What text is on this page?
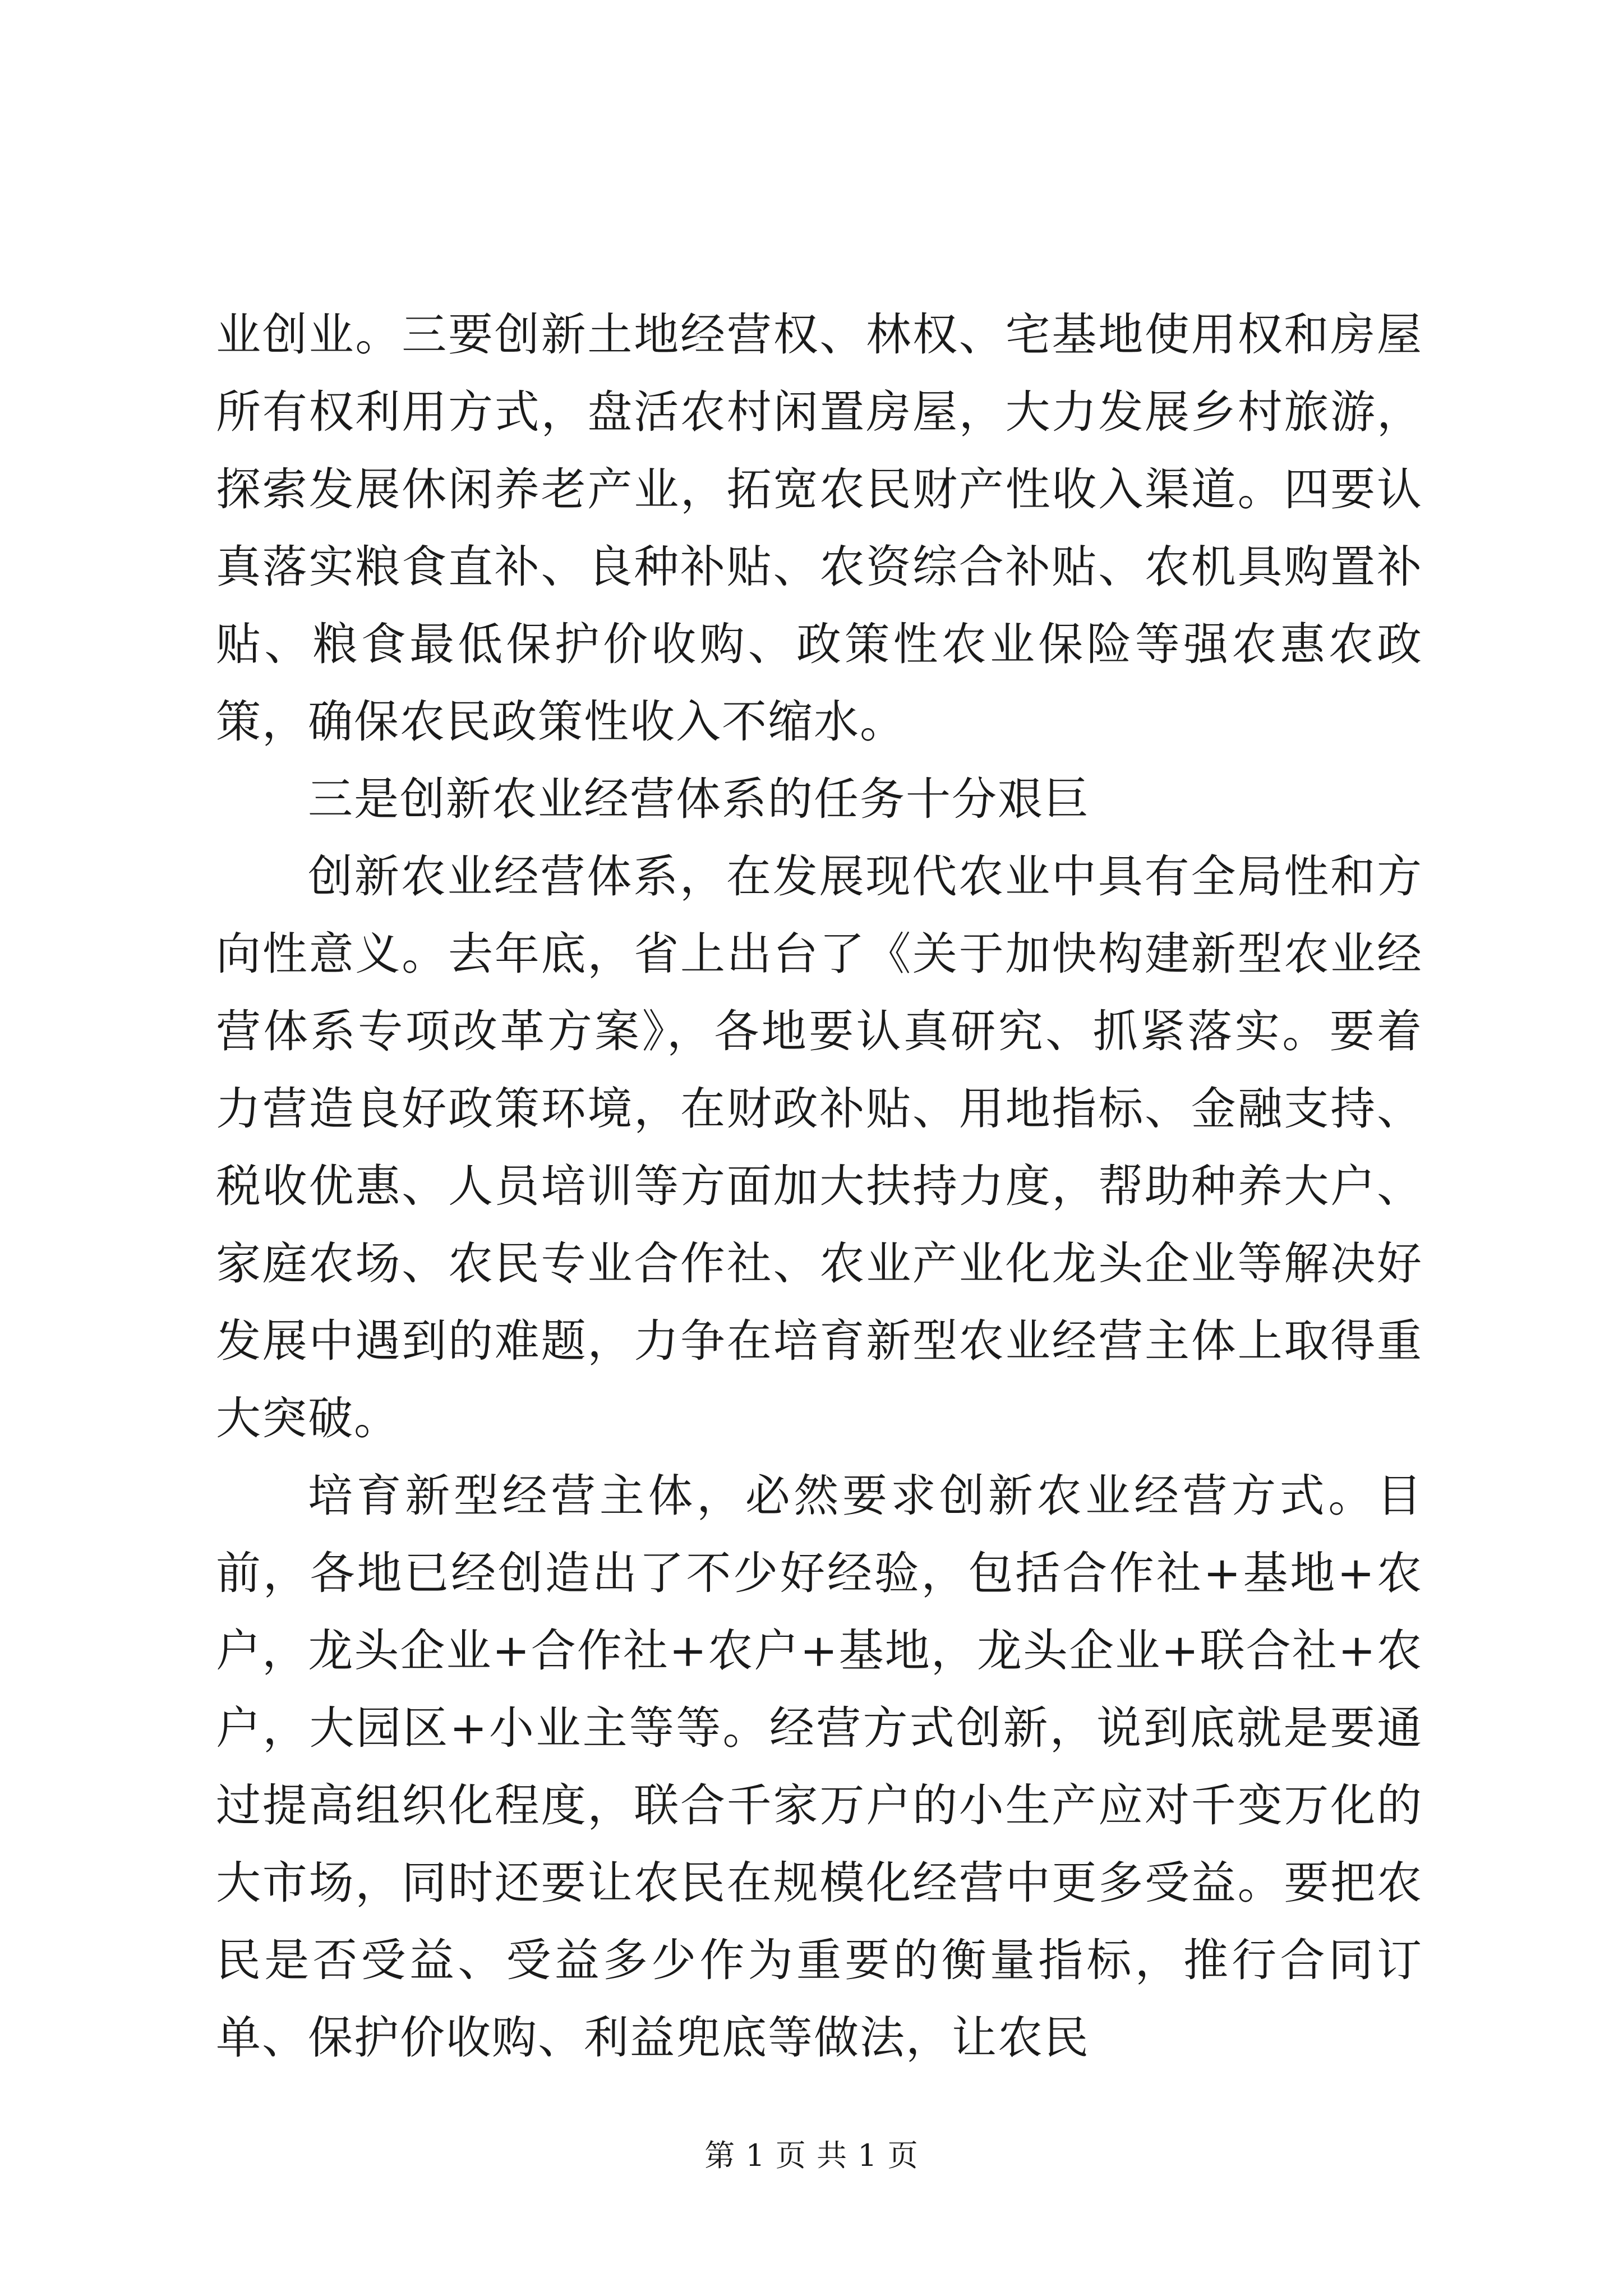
业创业。三要创新土地经营权、林权、宅基地使用权和房屋所有权利用方式，盘活农村闲置房屋，大力发展乡村旅游，探索发展休闲养老产业，拓宽农民财产性收入渠道。四要认真落实粮食直补、良种补贴、农资综合补贴、农机具购置补贴、粮食最低保护价收购、政策性农业保险等强农惠农政策，确保农民政策性收入不缩水。

三是创新农业经营体系的任务十分艰巨

创新农业经营体系，在发展现代农业中具有全局性和方向性意义。去年底，省上出台了《关于加快构建新型农业经营体系专项改革方案》，各地要认真研究、抓紧落实。要着力营造良好政策环境，在财政补贴、用地指标、金融支持、税收优惠、人员培训等方面加大扶持力度，帮助种养大户、家庭农场、农民专业合作社、农业产业化龙头企业等解决好发展中遇到的难题，力争在培育新型农业经营主体上取得重大突破。

培育新型经营主体，必然要求创新农业经营方式。目前，各地已经创造出了不少好经验，包括合作社+基地+农户，龙头企业+合作社+农户+基地，龙头企业+联合社+农户，大园区+小业主等等。经营方式创新，说到底就是要通过提高组织化程度，联合千家万户的小生产应对千变万化的大市场，同时还要让农民在规模化经营中更多受益。要把农民是否受益、受益多少作为重要的衡量指标，推行合同订单、保护价收购、利益兜底等做法，让农民

第 1 页 共 1 页
